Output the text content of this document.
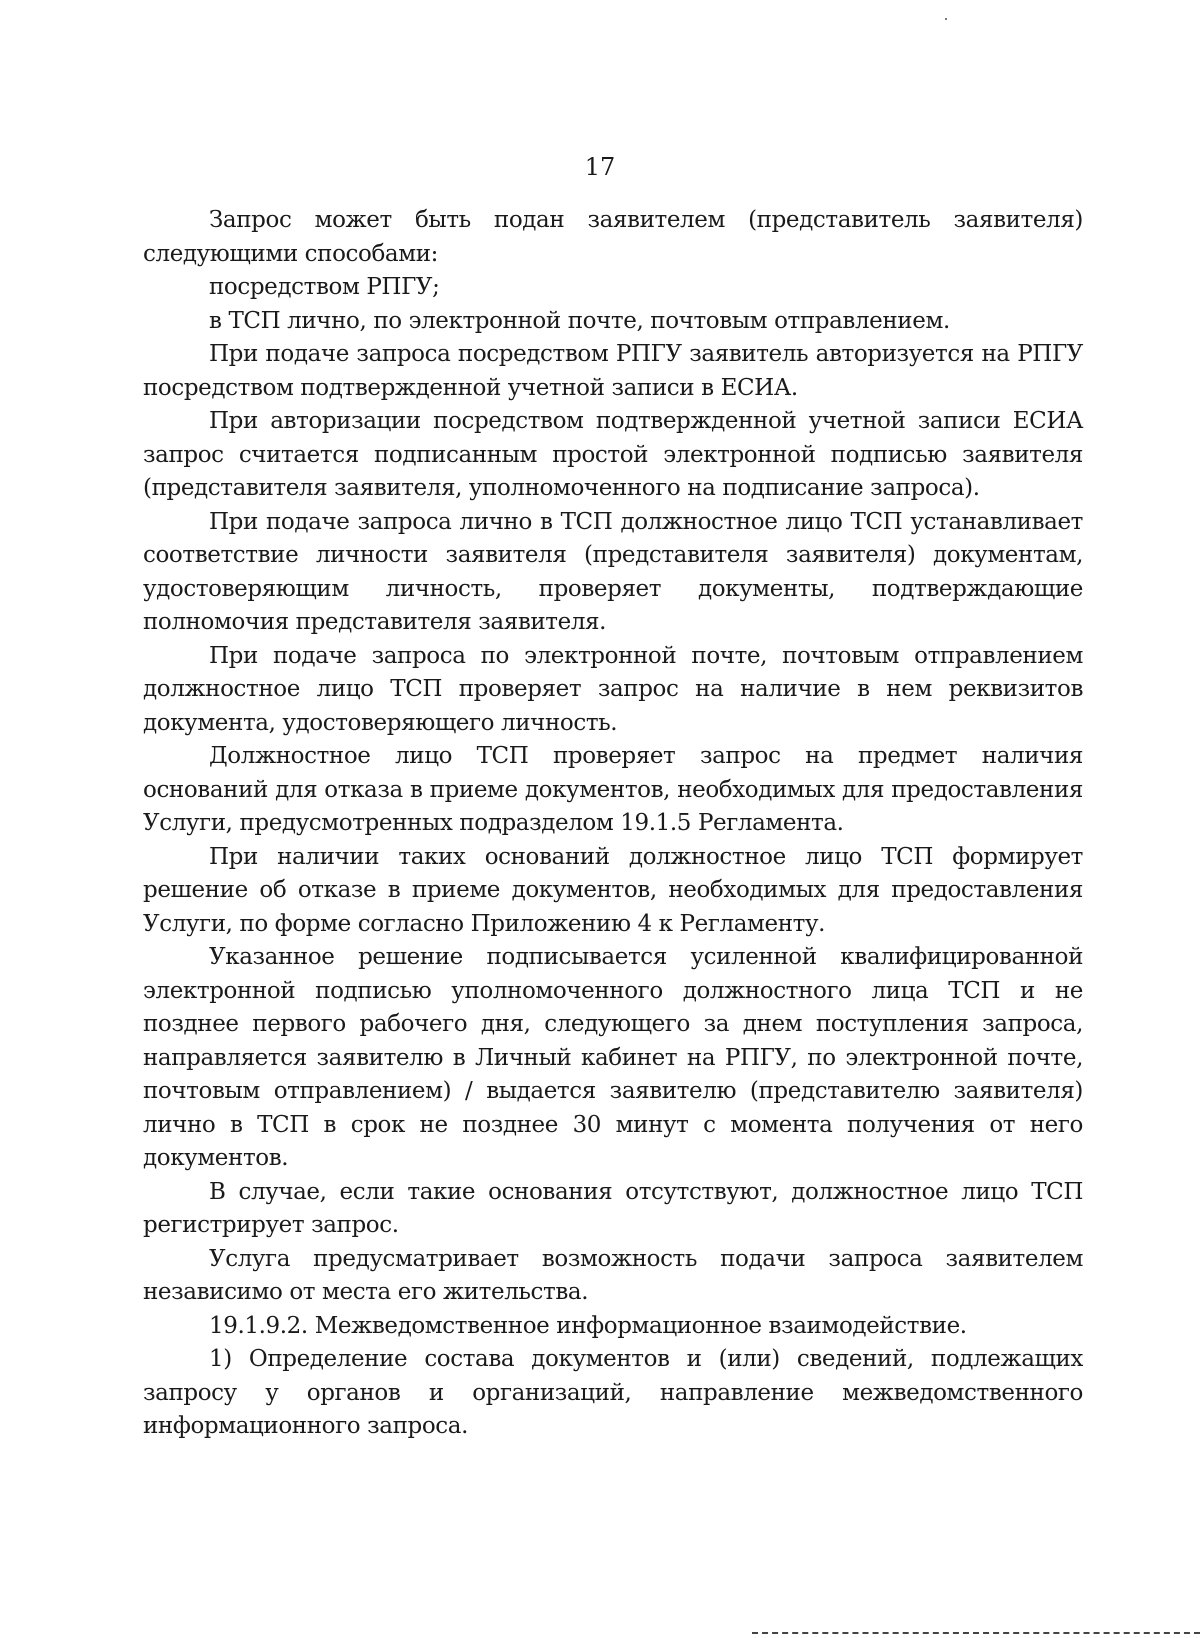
17

Запрос может быть подан заявителем (представитель заявителя) следующими способами:

посредством РПГУ;

в ТСП лично, по электронной почте, почтовым отправлением.

При подаче запроса посредством РПГУ заявитель авторизуется на РПГУ посредством подтвержденной учетной записи в ЕСИА.

При авторизации посредством подтвержденной учетной записи ЕСИА запрос считается подписанным простой электронной подписью заявителя (представителя заявителя, уполномоченного на подписание запроса).

При подаче запроса лично в ТСП должностное лицо ТСП устанавливает соответствие личности заявителя (представителя заявителя) документам, удостоверяющим личность, проверяет документы, подтверждающие полномочия представителя заявителя.

При подаче запроса по электронной почте, почтовым отправлением должностное лицо ТСП проверяет запрос на наличие в нем реквизитов документа, удостоверяющего личность.

Должностное лицо ТСП проверяет запрос на предмет наличия оснований для отказа в приеме документов, необходимых для предоставления Услуги, предусмотренных подразделом 19.1.5 Регламента.

При наличии таких оснований должностное лицо ТСП формирует решение об отказе в приеме документов, необходимых для предоставления Услуги, по форме согласно Приложению 4 к Регламенту.

Указанное решение подписывается усиленной квалифицированной электронной подписью уполномоченного должностного лица ТСП и не позднее первого рабочего дня, следующего за днем поступления запроса, направляется заявителю в Личный кабинет на РПГУ, по электронной почте, почтовым отправлением) / выдается заявителю (представителю заявителя) лично в ТСП в срок не позднее 30 минут с момента получения от него документов.

В случае, если такие основания отсутствуют, должностное лицо ТСП регистрирует запрос.

Услуга предусматривает возможность подачи запроса заявителем независимо от места его жительства.

19.1.9.2. Межведомственное информационное взаимодействие.

1) Определение состава документов и (или) сведений, подлежащих запросу у органов и организаций, направление межведомственного информационного запроса.
